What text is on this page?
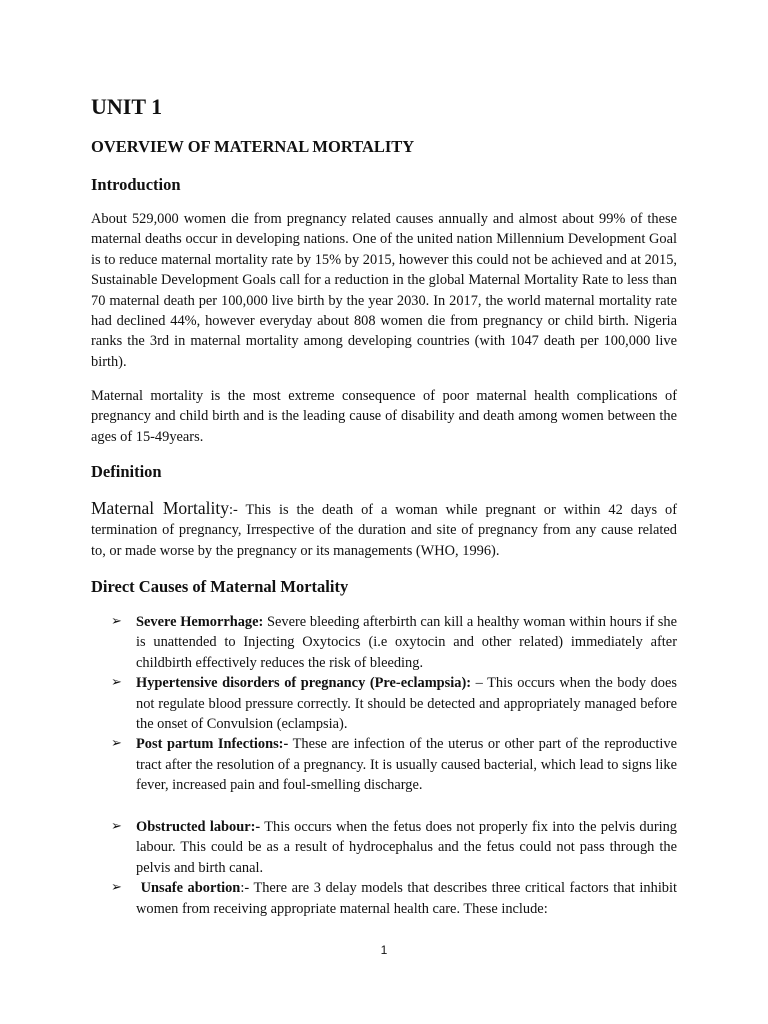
UNIT 1
OVERVIEW OF MATERNAL MORTALITY
Introduction

About 529,000 women die from pregnancy related causes annually and almost about 99% of these maternal deaths occur in developing nations. One of the united nation Millennium Development Goal is to reduce maternal mortality rate by 15% by 2015, however this could not be achieved and at 2015, Sustainable Development Goals call for a reduction in the global Maternal Mortality Rate to less than 70 maternal death per 100,000 live birth by the year 2030. In 2017, the world maternal mortality rate had declined 44%, however everyday about 808 women die from pregnancy or child birth. Nigeria ranks the 3rd in maternal mortality among developing countries (with 1047 death per 100,000 live birth).

Maternal mortality is the most extreme consequence of poor maternal health complications of pregnancy and child birth and is the leading cause of disability and death among women between the ages of 15-49years.

Definition

Maternal Mortality:- This is the death of a woman while pregnant or within 42 days of termination of pregnancy, Irrespective of the duration and site of pregnancy from any cause related to, or made worse by the pregnancy or its managements (WHO, 1996).

Direct Causes of Maternal Mortality
➢ Severe Hemorrhage: Severe bleeding afterbirth can kill a healthy woman within hours if she is unattended to Injecting Oxytocics (i.e oxytocin and other related) immediately after childbirth effectively reduces the risk of bleeding.
➢ Hypertensive disorders of pregnancy (Pre-eclampsia): – This occurs when the body does not regulate blood pressure correctly. It should be detected and appropriately managed before the onset of Convulsion (eclampsia).
➢ Post partum Infections:- These are infection of the uterus or other part of the reproductive tract after the resolution of a pregnancy. It is usually caused bacterial, which lead to signs like fever, increased pain and foul-smelling discharge.
➢ Obstructed labour:- This occurs when the fetus does not properly fix into the pelvis during labour. This could be as a result of hydrocephalus and the fetus could not pass through the pelvis and birth canal.
➢ Unsafe abortion:- There are 3 delay models that describes three critical factors that inhibit women from receiving appropriate maternal health care. These include:
1
